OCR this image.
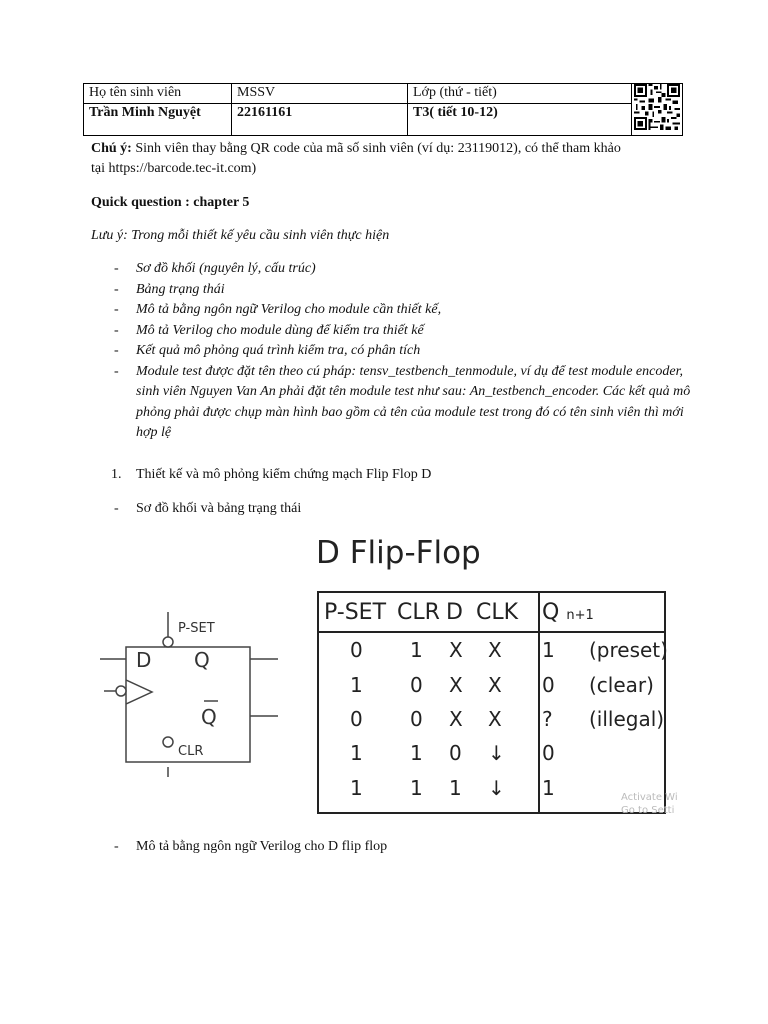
Họ tên sinh viên	MSSV	Lớp (thứ - tiết)	
Trần Minh Nguyệt	22161161	T3( tiết 10-12)	
Chú ý: Sinh viên thay bằng QR code của mã số sinh viên (ví dụ: 23119012), có thể tham khảo
tại https://barcode.tec-it.com)
Quick question : chapter 5
Lưu ý: Trong mỗi thiết kế yêu cầu sinh viên thực hiện
- Sơ đồ khối (nguyên lý, cấu trúc)
- Bảng trạng thái
- Mô tả bằng ngôn ngữ Verilog cho module cần thiết kế,
- Mô tả Verilog cho module dùng để kiểm tra thiết kế
- Kết quả mô phỏng quá trình kiểm tra, có phân tích
- Module test được đặt tên theo cú pháp: tensv_testbench_tenmodule, ví dụ để test module encoder, sinh viên Nguyen Van An phải đặt tên module test như sau: An_testbench_encoder. Các kết quả mô phỏng phải được chụp màn hình bao gồm cả tên của module test trong đó có tên sinh viên thì mới hợp lệ
1.	Thiết kế và mô phỏng kiểm chứng mạch Flip Flop D
- Sơ đồ khối và bảng trạng thái
D Flip-Flop
P-SET
D Q
Q
CLR
P-SET CLR D CLK Q n+1
0 1 X X 1 (preset)
1 0 X X 0 (clear)
0 0 X X ? (illegal)
1 1 0 ↓ 0
1 1 1 ↓ 1	Activate Wi
Go to Setti
- Mô tả bằng ngôn ngữ Verilog cho D flip flop
